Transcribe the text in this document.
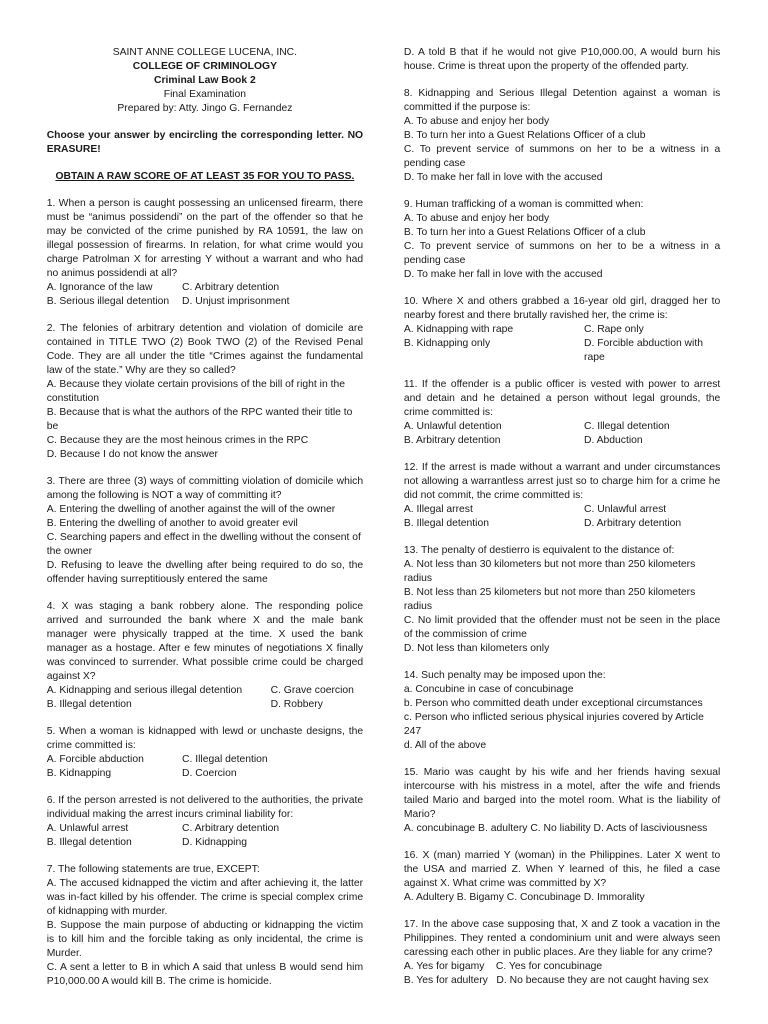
SAINT ANNE COLLEGE LUCENA, INC.
COLLEGE OF CRIMINOLOGY
Criminal Law Book 2
Final Examination
Prepared by: Atty. Jingo G. Fernandez

Choose your answer by encircling the corresponding letter. NO ERASURE!

OBTAIN A RAW SCORE OF AT LEAST 35 FOR YOU TO PASS.

1. When a person is caught possessing an unlicensed firearm, there must be “animus possidendi” on the part of the offender so that he may be convicted of the crime punished by RA 10591, the law on illegal possession of firearms. In relation, for what crime would you charge Patrolman X for arresting Y without a warrant and who had no animus possidendi at all?

A. Ignorance of the law	C. Arbitrary detention
B. Serious illegal detention	D. Unjust imprisonment

2. The felonies of arbitrary detention and violation of domicile are contained in TITLE TWO (2) Book TWO (2) of the Revised Penal Code. They are all under the title “Crimes against the fundamental law of the state.” Why are they so called?

A. Because they violate certain provisions of the bill of right in the constitution

B. Because that is what the authors of the RPC wanted their title to be

C. Because they are the most heinous crimes in the RPC

D. Because I do not know the answer

3. There are three (3) ways of committing violation of domicile which among the following is NOT a way of committing it?

A. Entering the dwelling of another against the will of the owner

B. Entering the dwelling of another to avoid greater evil

C. Searching papers and effect in the dwelling without the consent of the owner

D. Refusing to leave the dwelling after being required to do so, the offender having surreptitiously entered the same

4. X was staging a bank robbery alone. The responding police arrived and surrounded the bank where X and the male bank manager were physically trapped at the time. X used the bank manager as a hostage. After e few minutes of negotiations X finally was convinced to surrender. What possible crime could be charged against X?

A. Kidnapping and serious illegal detention	C. Grave coercion
B. Illegal detention	D. Robbery

5. When a woman is kidnapped with lewd or unchaste designs, the crime committed is:

A. Forcible abduction	C. Illegal detention
B. Kidnapping	D. Coercion

6. If the person arrested is not delivered to the authorities, the private individual making the arrest incurs criminal liability for:

A. Unlawful arrest	C. Arbitrary detention
B. Illegal detention	D. Kidnapping

7. The following statements are true, EXCEPT:

A. The accused kidnapped the victim and after achieving it, the latter was in-fact killed by his offender. The crime is special complex crime of kidnapping with murder.

B. Suppose the main purpose of abducting or kidnapping the victim is to kill him and the forcible taking as only incidental, the crime is Murder.

C. A sent a letter to B in which A said that unless B would send him P10,000.00 A would kill B. The crime is homicide.

D. A told B that if he would not give P10,000.00, A would burn his house. Crime is threat upon the property of the offended party.

8. Kidnapping and Serious Illegal Detention against a woman is committed if the purpose is:

A. To abuse and enjoy her body

B. To turn her into a Guest Relations Officer of a club

C. To prevent service of summons on her to be a witness in a pending case

D. To make her fall in love with the accused

9. Human trafficking of a woman is committed when:

A. To abuse and enjoy her body

B. To turn her into a Guest Relations Officer of a club

C. To prevent service of summons on her to be a witness in a pending case

D. To make her fall in love with the accused

10. Where X and others grabbed a 16-year old girl, dragged her to nearby forest and there brutally ravished her, the crime is:

A. Kidnapping with rape	C. Rape only
B. Kidnapping only	D. Forcible abduction with rape

11. If the offender is a public officer is vested with power to arrest and detain and he detained a person without legal grounds, the crime committed is:

A. Unlawful detention	C. Illegal detention
B. Arbitrary detention	D. Abduction

12. If the arrest is made without a warrant and under circumstances not allowing a warrantless arrest just so to charge him for a crime he did not commit, the crime committed is:

A. Illegal arrest	C. Unlawful arrest
B. Illegal detention	D. Arbitrary detention

13. The penalty of destierro is equivalent to the distance of:

A. Not less than 30 kilometers but not more than 250 kilometers radius

B. Not less than 25 kilometers but not more than 250 kilometers radius

C. No limit provided that the offender must not be seen in the place of the commission of crime

D. Not less than kilometers only

14. Such penalty may be imposed upon the:

a. Concubine in case of concubinage

b. Person who committed death under exceptional circumstances

c. Person who inflicted serious physical injuries covered by Article 247

d. All of the above

15. Mario was caught by his wife and her friends having sexual intercourse with his mistress in a motel, after the wife and friends tailed Mario and barged into the motel room. What is the liability of Mario?

A. concubinage B. adultery C. No liability D. Acts of lasciviousness

16. X (man) married Y (woman) in the Philippines. Later X went to the USA and married Z. When Y learned of this, he filed a case against X. What crime was committed by X?

A. Adultery B. Bigamy C. Concubinage D. Immorality

17. In the above case supposing that, X and Z took a vacation in the Philippines. They rented a condominium unit and were always seen caressing each other in public places. Are they liable for any crime?

A. Yes for bigamy    C. Yes for concubinage

B. Yes for adultery   D. No because they are not caught having sex
